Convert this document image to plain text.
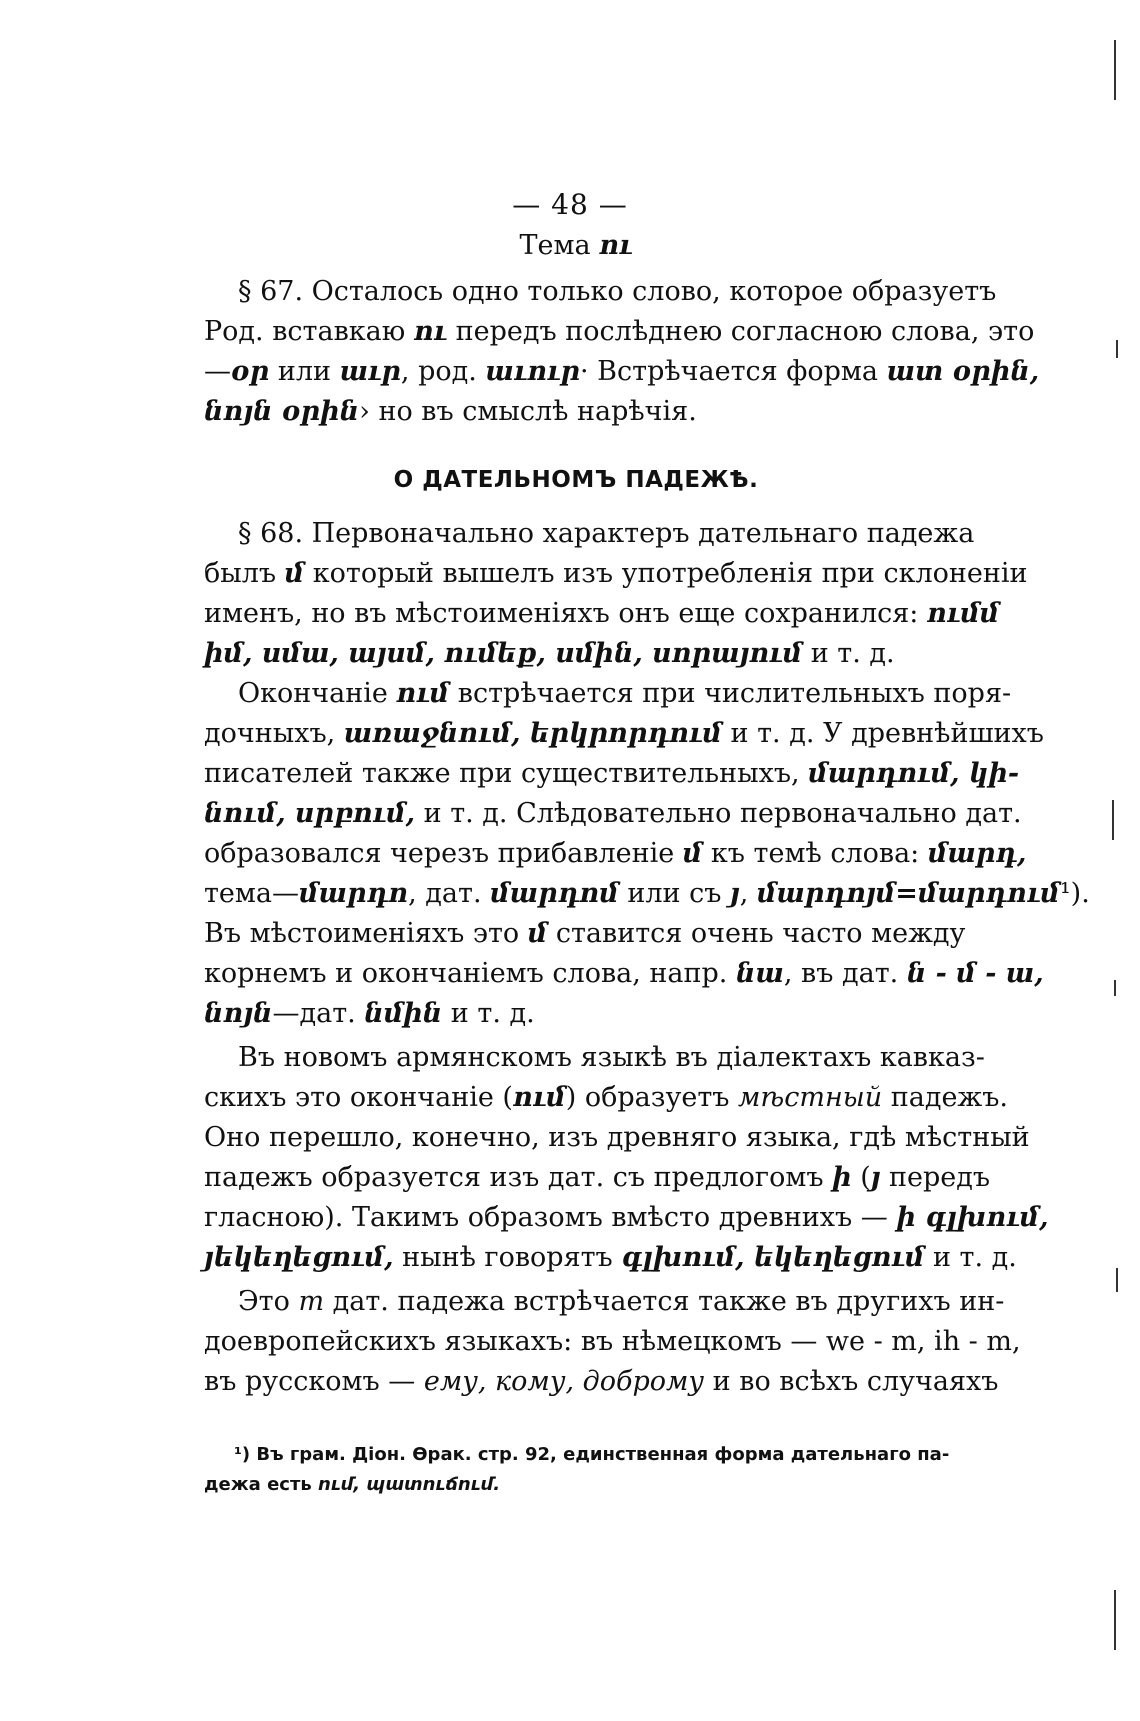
— 48 —
Тема ու
§ 67. Осталось одно только слово, которое образуетъ
Род. вставкаю ու передъ послѣднею согласною слова, это
—օր или աւր, род. աւուր· Встрѣчается форма ատ օրին,
նոյն օրին› но въ смыслѣ нарѣчія.
О ДАТЕЛЬНОМЪ ПАДЕЖѢ.
§ 68. Первоначально характеръ дательнаго падежа
былъ մ который вышелъ изъ употребленія при склоненіи
именъ, но въ мѣстоименіяхъ онъ еще сохранился: ումմ
իմ, սմա, այսմ, ումեք, սմին, սորայում и т. д.
Окончаніе ում встрѣчается при числительныхъ поря-
дочныхъ, առաջնում, երկրորդում и т. д. У древнѣйшихъ
писателей также при существительныхъ, մարդում, կի-
նում, սրբում, и т. д. Слѣдовательно первоначально дат.
образовался черезъ прибавленіе մ къ темѣ слова: մարդ,
тема—մարդո, дат. մարդոմ или съ յ, մարդոյմ=մարդում¹).
Въ мѣстоименіяхъ это մ ставится очень часто между
корнемъ и окончаніемъ слова, напр. նա, въ дат. ն - մ - ա,
նոյն—дат. նմին и т. д.
Въ новомъ армянскомъ языкѣ въ діалектахъ кавказ-
скихъ это окончаніе (ում) образуетъ мѣстный падежъ.
Оно перешло, конечно, изъ древняго языка, гдѣ мѣстный
падежъ образуется изъ дат. съ предлогомъ ի (յ передъ
гласною). Такимъ образомъ вмѣсто древнихъ — ի գլխում,
յեկեղեցում, нынѣ говорятъ գլխում, եկեղեցում и т. д.
Это m дат. падежа встрѣчается также въ другихъ ин-
доевропейскихъ языкахъ: въ нѣмецкомъ — we - m, ih - m,
въ русскомъ — ему, кому, доброму и во всѣхъ случаяхъ
¹) Въ грам. Діон. Өрак. стр. 92, единственная форма дательнаго па-
дежа есть ում, պատուճում.
